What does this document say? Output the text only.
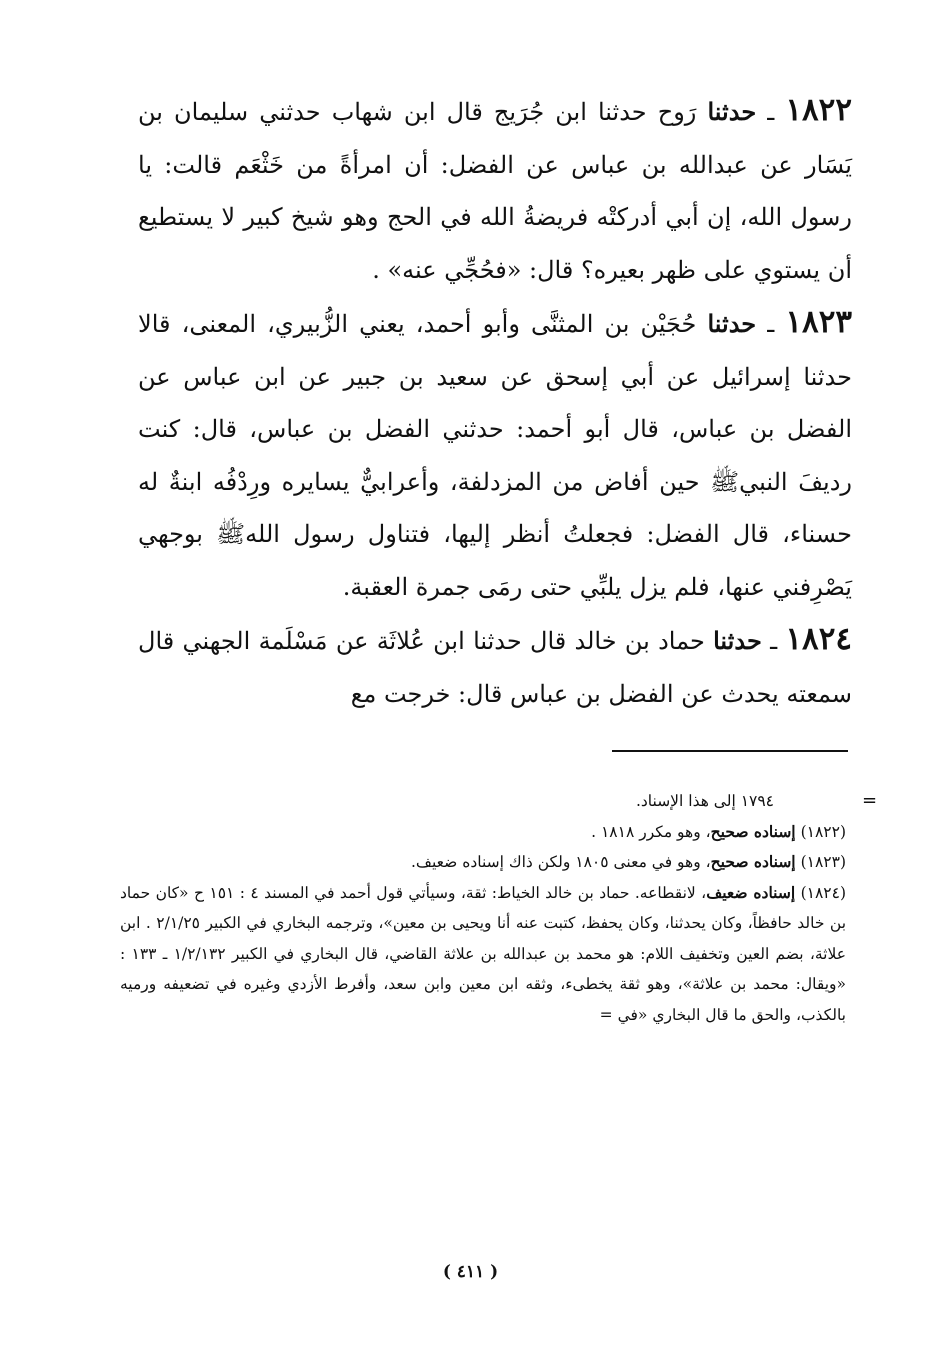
١٨٢٢ ـ حدثنا رَوح حدثنا ابن جُرَيج قال ابن شهاب حدثني سليمان بن يَسَار عن عبدالله بن عباس عن الفضل: أن امرأةً من خَثْعَم قالت: يا رسول الله، إن أبي أدركتْه فريضةُ الله في الحج وهو شيخ كبير لا يستطيع أن يستوي على ظهر بعيره؟ قال: «فحُجِّي عنه» .

١٨٢٣ ـ حدثنا حُجَيْن بن المثنَّى وأبو أحمد، يعني الزُّبيري، المعنى، قالا حدثنا إسرائيل عن أبي إسحق عن سعيد بن جبير عن ابن عباس عن الفضل بن عباس، قال أبو أحمد: حدثني الفضل بن عباس، قال: كنت رديفَ النبيﷺ حين أفاض من المزدلفة، وأعرابيٌّ يسايره ورِدْفُه ابنةٌ له حسناء، قال الفضل: فجعلتُ أنظر إليها، فتناول رسول اللهﷺ بوجهي يَصْرِفني عنها، فلم يزل يلبِّي حتى رمَى جمرة العقبة.

١٨٢٤ ـ حدثنا حماد بن خالد قال حدثنا ابن عُلاثَة عن مَسْلَمة الجهني قال سمعته يحدث عن الفضل بن عباس قال: خرجت مع

=

١٧٩٤ إلى هذا الإسناد.

(١٨٢٢) إسناده صحيح، وهو مكرر ١٨١٨ .

(١٨٢٣) إسناده صحيح، وهو في معنى ١٨٠٥ ولكن ذاك إسناده ضعيف.

(١٨٢٤) إسناده ضعيف، لانقطاعه. حماد بن خالد الخياط: ثقة، وسيأتي قول أحمد في المسند ٤ : ١٥١ ح «كان حماد بن خالد حافظاً، وكان يحدثنا، وكان يحفظ، كتبت عنه أنا ويحيى بن معين»، وترجمه البخاري في الكبير ٢/١/٢٥ . ابن علاثة، بضم العين وتخفيف اللام: هو محمد بن عبدالله بن علاثة القاضي، قال البخاري في الكبير ١/٢/١٣٢ ـ ١٣٣ : «ويقال: محمد بن علاثة»، وهو ثقة يخطىء، وثقه ابن معين وابن سعد، وأفرط الأزدي وغيره في تضعيفه ورميه بالكذب، والحق ما قال البخاري «في =

( ٤١١ )
